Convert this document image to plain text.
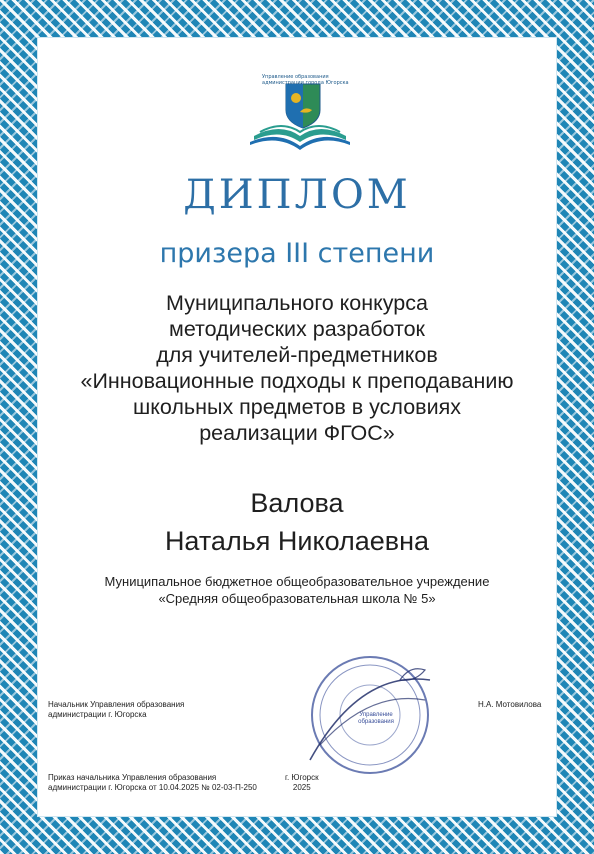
Управление образования
администрации города Югорска
ДИПЛОМ
призера III степени
Муниципального конкурса
методических разработок
для учителей-предметников
«Инновационные подходы к преподаванию
школьных предметов в условиях
реализации ФГОС»
Валова
Наталья Николаевна
Муниципальное бюджетное общеобразовательное учреждение
«Средняя общеобразовательная школа № 5»
Управление
образования
Начальник Управления образования
администрации г. Югорска
Н.А. Мотовилова
Приказ начальника Управления образования
администрации г. Югорска от 10.04.2025 № 02-03-П-250
г. Югорск
2025
